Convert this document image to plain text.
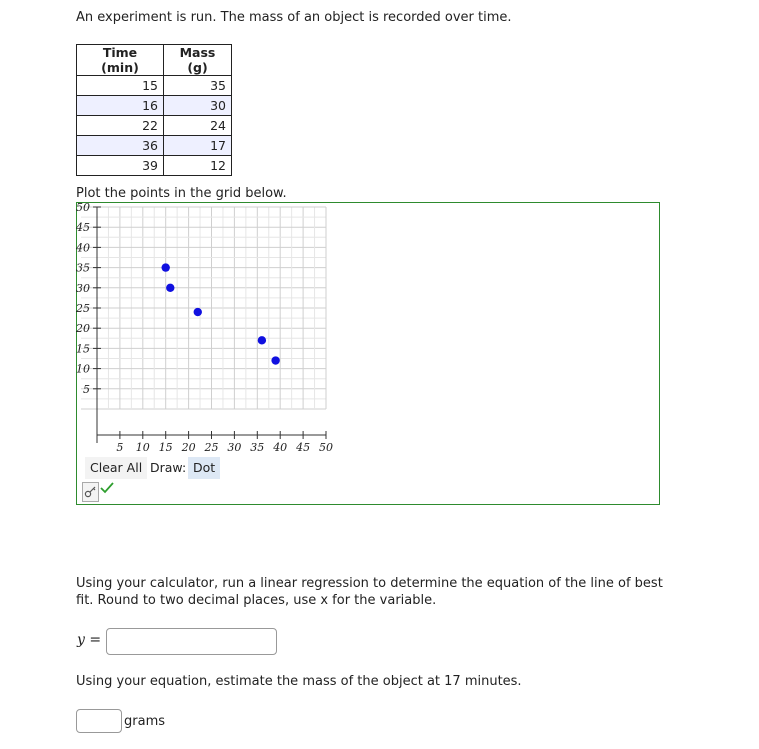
An experiment is run. The mass of an object is recorded over time.
Time (min)	Mass (g)
15	35
16	30
22	24
36	17
39	12
Plot the points in the grid below.
5 10 15 20 25 30 35 40 45 50
50
45
40
35
30
25
20
15
10
5
Clear All Draw: Dot
Using your calculator, run a linear regression to determine the equation of the line of best fit. Round to two decimal places, use x for the variable.
y =
Using your equation, estimate the mass of the object at 17 minutes.
grams
